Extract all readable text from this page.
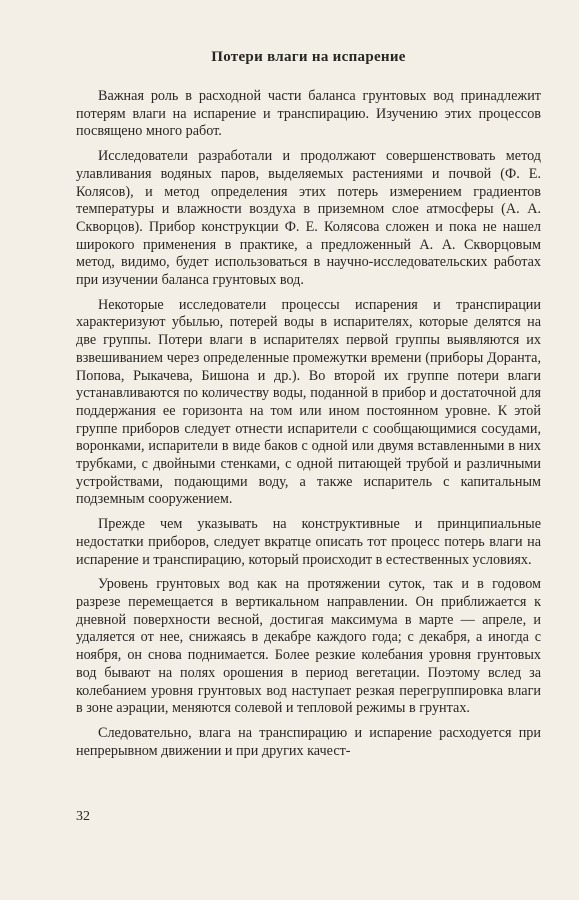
Потери влаги на испарение

Важная роль в расходной части баланса грунтовых вод принадлежит потерям влаги на испарение и транспирацию. Изучению этих процессов посвящено много работ.

Исследователи разработали и продолжают совершенствовать метод улавливания водяных паров, выделяемых растениями и почвой (Ф. Е. Колясов), и метод определения этих потерь измерением градиентов температуры и влажности воздуха в приземном слое атмосферы (А. А. Скворцов). Прибор конструкции Ф. Е. Колясова сложен и пока не нашел широкого применения в практике, а предложенный А. А. Скворцовым метод, видимо, будет использоваться в научно-исследовательских работах при изучении баланса грунтовых вод.

Некоторые исследователи процессы испарения и транспирации характеризуют убылью, потерей воды в испарителях, которые делятся на две группы. Потери влаги в испарителях первой группы выявляются их взвешиванием через определенные промежутки времени (приборы Доранта, Попова, Рыкачева, Бишона и др.). Во второй их группе потери влаги устанавливаются по количеству воды, поданной в прибор и достаточной для поддержания ее горизонта на том или ином постоянном уровне. К этой группе приборов следует отнести испарители с сообщающимися сосудами, воронками, испарители в виде баков с одной или двумя вставленными в них трубками, с двойными стенками, с одной питающей трубой и различными устройствами, подающими воду, а также испаритель с капитальным подземным сооружением.

Прежде чем указывать на конструктивные и принципиальные недостатки приборов, следует вкратце описать тот процесс потерь влаги на испарение и транспирацию, который происходит в естественных условиях.

Уровень грунтовых вод как на протяжении суток, так и в годовом разрезе перемещается в вертикальном направлении. Он приближается к дневной поверхности весной, достигая максимума в марте — апреле, и удаляется от нее, снижаясь в декабре каждого года; с декабря, а иногда с ноября, он снова поднимается. Более резкие колебания уровня грунтовых вод бывают на полях орошения в период вегетации. Поэтому вслед за колебанием уровня грунтовых вод наступает резкая перегруппировка влаги в зоне аэрации, меняются солевой и тепловой режимы в грунтах.

Следовательно, влага на транспирацию и испарение расходуется при непрерывном движении и при других качест-

32
